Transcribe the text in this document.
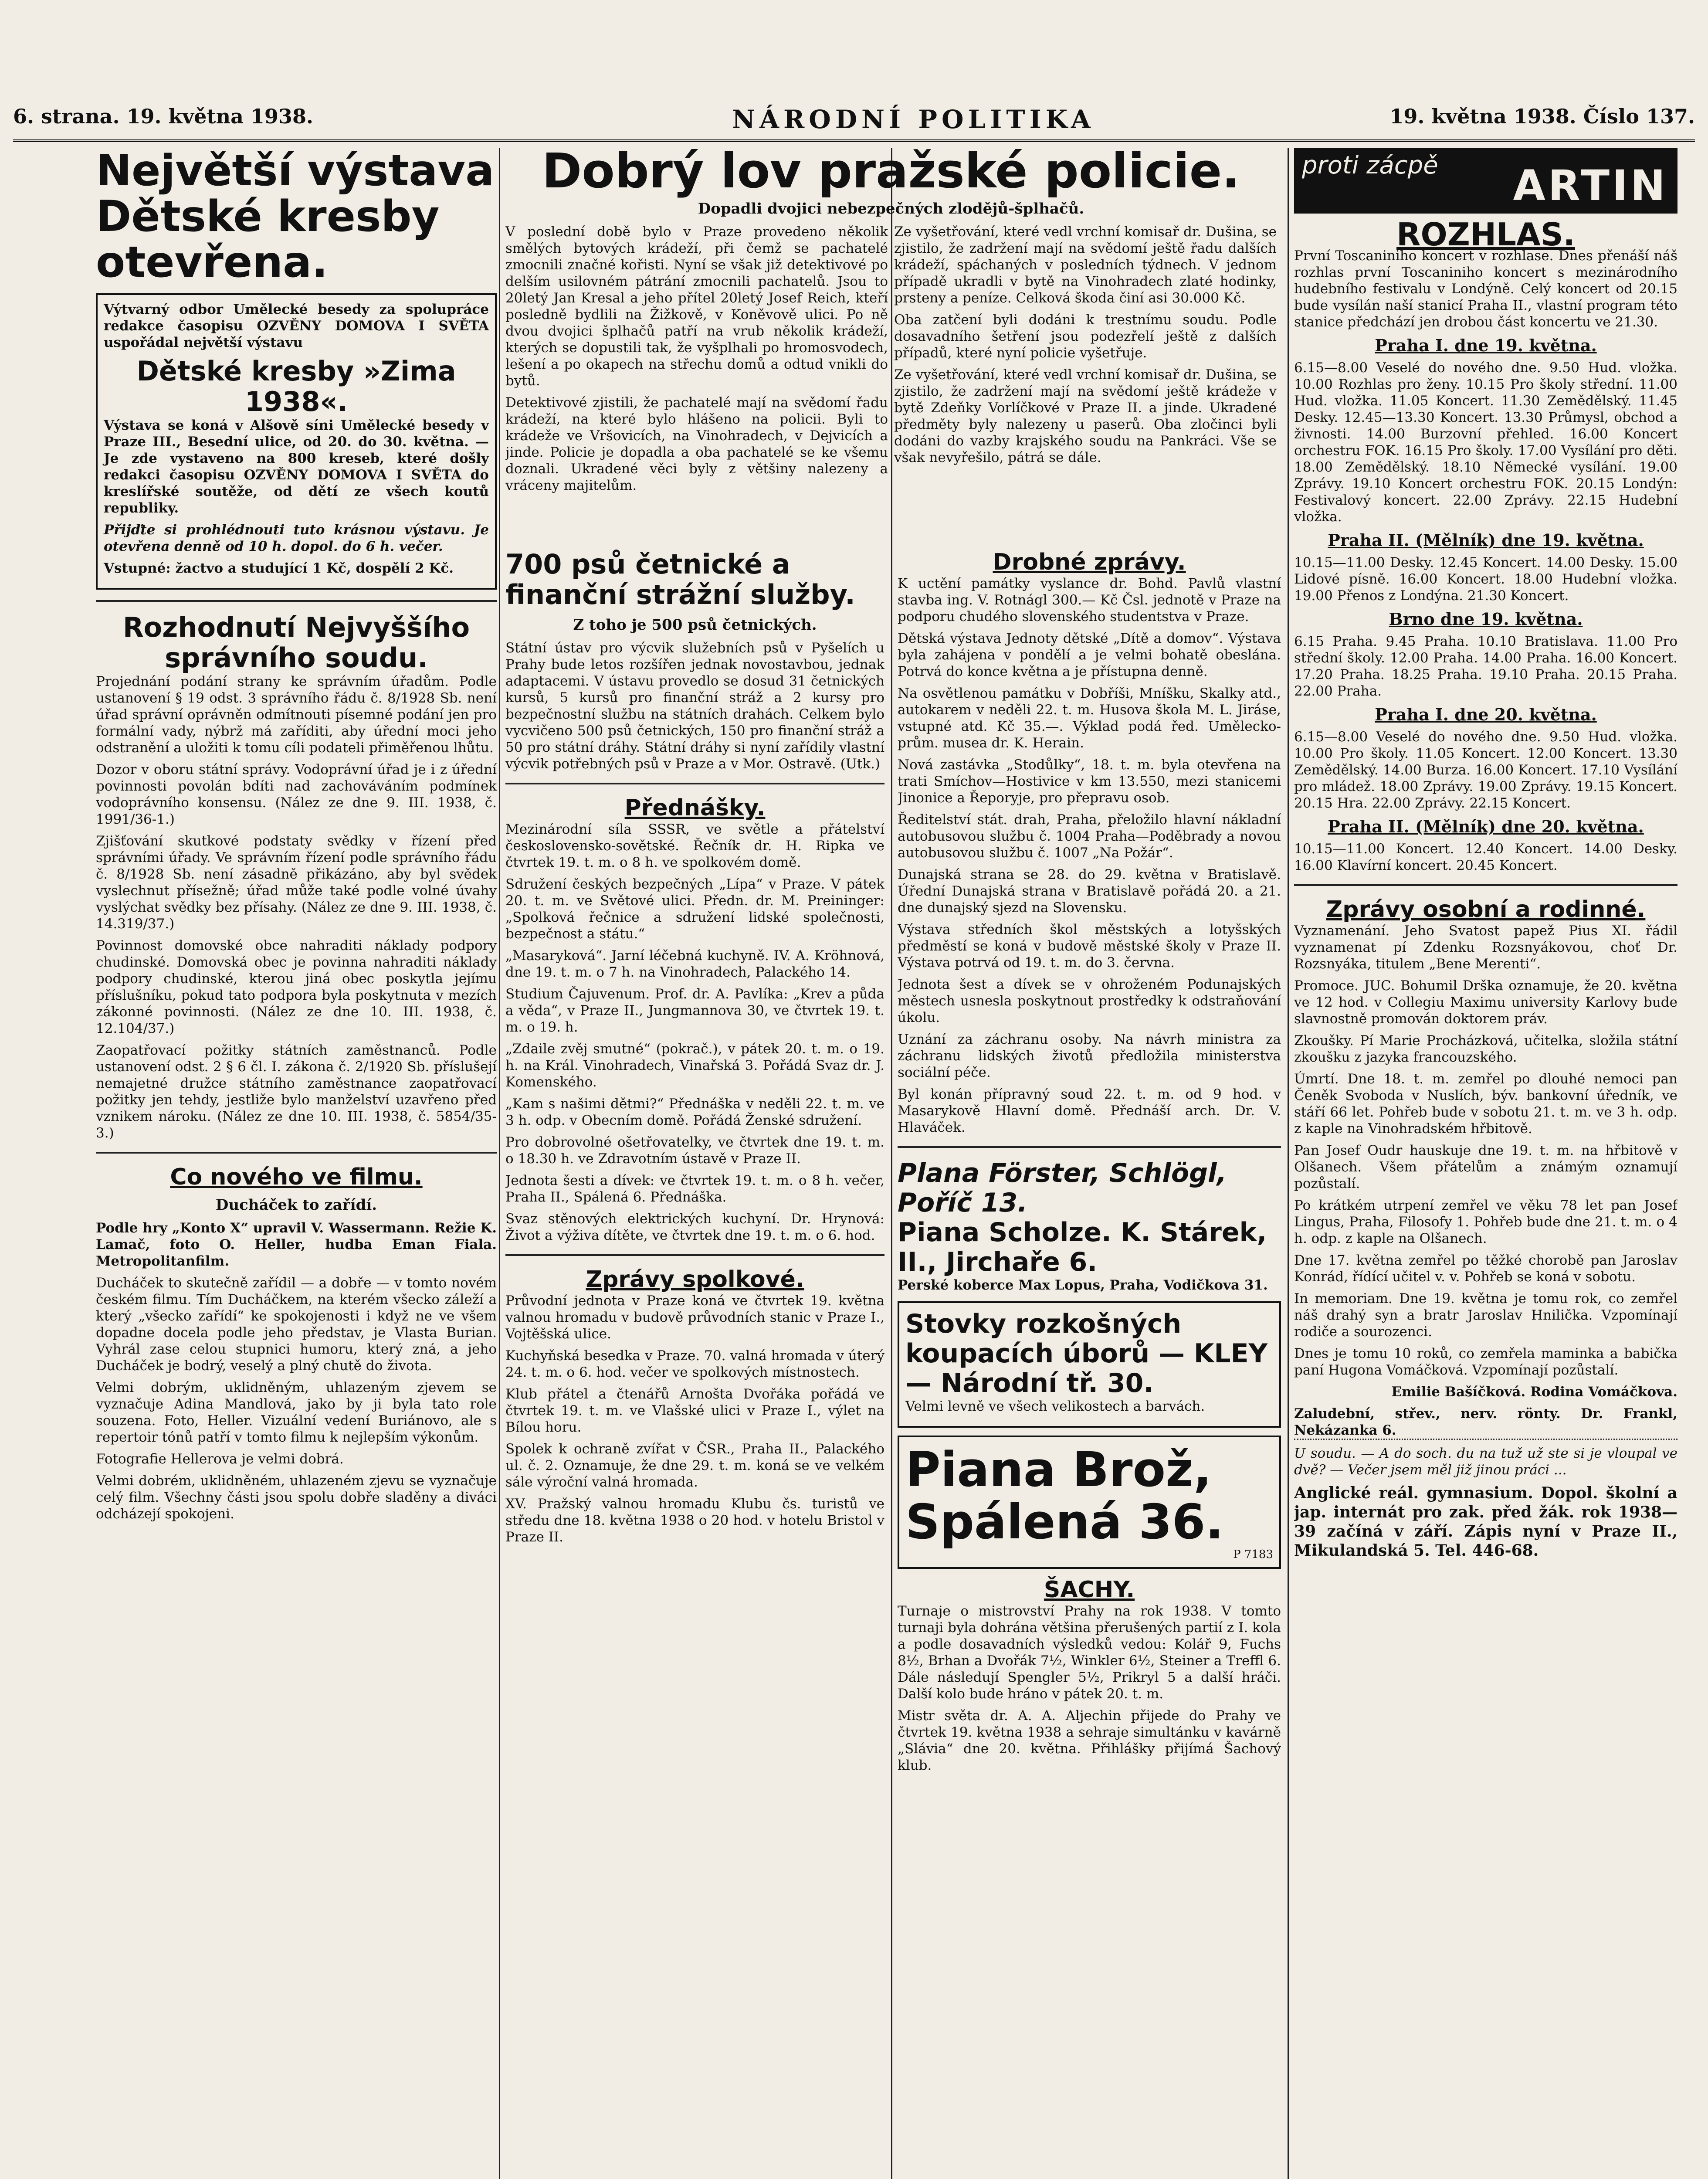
6. strana. 19. května 1938.	NÁRODNÍ POLITIKA	19. května 1938. Číslo 137.
Největší výstava Dětské kresby otevřena.

Výtvarný odbor Umělecké besedy za spolupráce redakce časopisu OZVĚNY DOMOVA I SVĚTA uspořádal největší výstavu

Dětské kresby »Zima 1938«.

Výstava se koná v Alšově síni Umělecké besedy v Praze III., Besední ulice, od 20. do 30. května. — Je zde vystaveno na 800 kreseb, které došly redakci časopisu OZVĚNY DOMOVA I SVĚTA do kreslířské soutěže, od dětí ze všech koutů republiky.

Přijďte si prohlédnouti tuto krásnou výstavu. Je otevřena denně od 10 h. dopol. do 6 h. večer.

Vstupné: žactvo a studující 1 Kč, dospělí 2 Kč.

Rozhodnutí Nejvyššího správního soudu.

Projednání podání strany ke správním úřadům. Podle ustanovení § 19 odst. 3 správního řádu č. 8/1928 Sb. není úřad správní oprávněn odmítnouti písemné podání jen pro formální vady, nýbrž má zaříditi, aby úřední moci jeho odstranění a uložiti k tomu cíli podateli přiměřenou lhůtu.

Dozor v oboru státní správy. Vodoprávní úřad je i z úřední povinnosti povolán bdíti nad zachováváním podmínek vodoprávního konsensu. (Nález ze dne 9. III. 1938, č. 1991/36-1.)

Zjišťování skutkové podstaty svědky v řízení před správními úřady. Ve správním řízení podle správního řádu č. 8/1928 Sb. není zásadně přikázáno, aby byl svědek vyslechnut přísežně; úřad může také podle volné úvahy vyslýchat svědky bez přísahy. (Nález ze dne 9. III. 1938, č. 14.319/37.)

Povinnost domovské obce nahraditi náklady podpory chudinské. Domovská obec je povinna nahraditi náklady podpory chudinské, kterou jiná obec poskytla jejímu příslušníku, pokud tato podpora byla poskytnuta v mezích zákonné povinnosti. (Nález ze dne 10. III. 1938, č. 12.104/37.)

Zaopatřovací požitky státních zaměstnanců. Podle ustanovení odst. 2 § 6 čl. I. zákona č. 2/1920 Sb. příslušejí nemajetné družce státního zaměstnance zaopatřovací požitky jen tehdy, jestliže bylo manželství uzavřeno před vznikem nároku. (Nález ze dne 10. III. 1938, č. 5854/35-3.)

Co nového ve filmu.
Ducháček to zařídí.

Podle hry „Konto X“ upravil V. Wassermann. Režie K. Lamač, foto O. Heller, hudba Eman Fiala. Metropolitanfilm.

Ducháček to skutečně zařídil — a dobře — v tomto novém českém filmu. Tím Ducháčkem, na kterém všecko záleží a který „všecko zařídí“ ke spokojenosti i když ne ve všem dopadne docela podle jeho představ, je Vlasta Burian. Vyhrál zase celou stupnici humoru, který zná, a jeho Ducháček je bodrý, veselý a plný chutě do života.

Velmi dobrým, uklidněným, uhlazeným zjevem se vyznačuje Adina Mandlová, jako by ji byla tato role souzena. Foto, Heller. Vizuální vedení Buriánovo, ale s repertoir tónů patří v tomto filmu k nejlepším výkonům.

Fotografie Hellerova je velmi dobrá.

Velmi dobrém, uklidněném, uhlazeném zjevu se vyznačuje celý film. Všechny části jsou spolu dobře sladěny a diváci odcházejí spokojeni.

Dobrý lov pražské policie.
Dopadli dvojici nebezpečných zlodějů-šplhačů.

V poslední době bylo v Praze provedeno několik smělých bytových krádeží, při čemž se pachatelé zmocnili značné kořisti. Nyní se však již detektivové po delším usilovném pátrání zmocnili pachatelů. Jsou to 20letý Jan Kresal a jeho přítel 20letý Josef Reich, kteří posledně bydlili na Žižkově, v Koněvově ulici. Po ně dvou dvojici šplhačů patří na vrub několik krádeží, kterých se dopustili tak, že vyšplhali po hromosvodech, lešení a po okapech na střechu domů a odtud vnikli do bytů.

Detektivové zjistili, že pachatelé mají na svědomí řadu krádeží, na které bylo hlášeno na policii. Byli to krádeže ve Vršovicích, na Vinohradech, v Dejvicích a jinde. Policie je dopadla a oba pachatelé se ke všemu doznali. Ukradené věci byly z většiny nalezeny a vráceny majitelům.

Ze vyšetřování, které vedl vrchní komisař dr. Dušina, se zjistilo, že zadržení mají na svědomí ještě řadu dalších krádeží, spáchaných v posledních týdnech. V jednom případě ukradli v bytě na Vinohradech zlaté hodinky, prsteny a peníze. Celková škoda činí asi 30.000 Kč.

Oba zatčení byli dodáni k trestnímu soudu. Podle dosavadního šetření jsou podezřelí ještě z dalších případů, které nyní policie vyšetřuje.

Ze vyšetřování, které vedl vrchní komisař dr. Dušina, se zjistilo, že zadržení mají na svědomí ještě krádeže v bytě Zdeňky Vorlíčkové v Praze II. a jinde. Ukradené předměty byly nalezeny u paserů. Oba zločinci byli dodáni do vazby krajského soudu na Pankráci. Vše se však nevyřešilo, pátrá se dále.

700 psů četnické a finanční strážní služby.
Z toho je 500 psů četnických.

Státní ústav pro výcvik služebních psů v Pyšelích u Prahy bude letos rozšířen jednak novostavbou, jednak adaptacemi. V ústavu provedlo se dosud 31 četnických kursů, 5 kursů pro finanční stráž a 2 kursy pro bezpečnostní službu na státních drahách. Celkem bylo vycvičeno 500 psů četnických, 150 pro finanční stráž a 50 pro státní dráhy. Státní dráhy si nyní zařídily vlastní výcvik potřebných psů v Praze a v Mor. Ostravě. (Utk.)

Přednášky.

Mezinárodní síla SSSR, ve světle a přátelství československo-sovětské. Řečník dr. H. Ripka ve čtvrtek 19. t. m. o 8 h. ve spolkovém domě.

Sdružení českých bezpečných „Lípa“ v Praze. V pátek 20. t. m. ve Světové ulici. Předn. dr. M. Preininger: „Spolková řečnice a sdružení lidské společnosti, bezpečnost a státu.“

„Masaryková“. Jarní léčebná kuchyně. IV. A. Kröhnová, dne 19. t. m. o 7 h. na Vinohradech, Palackého 14.

Studium Čajuvenum. Prof. dr. A. Pavlíka: „Krev a půda a věda“, v Praze II., Jungmannova 30, ve čtvrtek 19. t. m. o 19. h.

„Zdaile zvěj smutné“ (pokrač.), v pátek 20. t. m. o 19. h. na Král. Vinohradech, Vinařská 3. Pořádá Svaz dr. J. Komenského.

„Kam s našimi dětmi?“ Přednáška v neděli 22. t. m. ve 3 h. odp. v Obecním domě. Pořádá Ženské sdružení.

Pro dobrovolné ošetřovatelky, ve čtvrtek dne 19. t. m. o 18.30 h. ve Zdravotním ústavě v Praze II.

Jednota šesti a dívek: ve čtvrtek 19. t. m. o 8 h. večer, Praha II., Spálená 6. Přednáška.

Svaz stěnových elektrických kuchyní. Dr. Hrynová: Život a výživa dítěte, ve čtvrtek dne 19. t. m. o 6. hod.

Zprávy spolkové.

Průvodní jednota v Praze koná ve čtvrtek 19. května valnou hromadu v budově průvodních stanic v Praze I., Vojtěšská ulice.

Kuchyňská besedka v Praze. 70. valná hromada v úterý 24. t. m. o 6. hod. večer ve spolkových místnostech.

Klub přátel a čtenářů Arnošta Dvořáka pořádá ve čtvrtek 19. t. m. ve Vlašské ulici v Praze I., výlet na Bílou horu.

Spolek k ochraně zvířat v ČSR., Praha II., Palackého ul. č. 2. Oznamuje, že dne 29. t. m. koná se ve velkém sále výroční valná hromada.

XV. Pražský valnou hromadu Klubu čs. turistů ve středu dne 18. května 1938 o 20 hod. v hotelu Bristol v Praze II.

Drobné zprávy.

K uctění památky vyslance dr. Bohd. Pavlů vlastní stavba ing. V. Rotnágl 300.— Kč Čsl. jednotě v Praze na podporu chudého slovenského studentstva v Praze.

Dětská výstava Jednoty dětské „Dítě a domov“. Výstava byla zahájena v pondělí a je velmi bohatě obeslána. Potrvá do konce května a je přístupna denně.

Na osvětlenou památku v Dobříši, Mníšku, Skalky atd., autokarem v neděli 22. t. m. Husova škola M. L. Jiráse, vstupné atd. Kč 35.—. Výklad podá řed. Umělecko-prům. musea dr. K. Herain.

Nová zastávka „Stodůlky“, 18. t. m. byla otevřena na trati Smíchov—Hostivice v km 13.550, mezi stanicemi Jinonice a Řeporyje, pro přepravu osob.

Ředitelství stát. drah, Praha, přeložilo hlavní nákladní autobusovou službu č. 1004 Praha—Poděbrady a novou autobusovou službu č. 1007 „Na Požár“.

Dunajská strana se 28. do 29. května v Bratislavě. Úřední Dunajská strana v Bratislavě pořádá 20. a 21. dne dunajský sjezd na Slovensku.

Výstava středních škol městských a lotyšských předměstí se koná v budově městské školy v Praze II. Výstava potrvá od 19. t. m. do 3. června.

Jednota šest a dívek se v ohroženém Podunajských městech usnesla poskytnout prostředky k odstraňování úkolu.

Uznání za záchranu osoby. Na návrh ministra za záchranu lidských životů předložila ministerstva sociální péče.

Byl konán přípravný soud 22. t. m. od 9 hod. v Masarykově Hlavní domě. Přednáší arch. Dr. V. Hlaváček.

Plana Förster, Schlögl, Poříč 13.
Piana Scholze. K. Stárek, II., Jirchaře 6.

Perské koberce Max Lopus, Praha, Vodičkova 31.

Stovky rozkošných koupacích úborů — KLEY — Národní tř. 30.

Velmi levně ve všech velikostech a barvách.

Piana Brož, Spálená 36.
P 7183
ŠACHY.

Turnaje o mistrovství Prahy na rok 1938. V tomto turnaji byla dohrána většina přerušených partií z I. kola a podle dosavadních výsledků vedou: Kolář 9, Fuchs 8½, Brhan a Dvořák 7½, Winkler 6½, Steiner a Treffl 6. Dále následují Spengler 5½, Prikryl 5 a další hráči. Další kolo bude hráno v pátek 20. t. m.

Mistr světa dr. A. A. Aljechin přijede do Prahy ve čtvrtek 19. května 1938 a sehraje simultánku v kavárně „Slávia“ dne 20. května. Přihlášky přijímá Šachový klub.

proti zácpě ARTIN
ROZHLAS.

První Toscaniniho koncert v rozhlase. Dnes přenáší náš rozhlas první Toscaniniho koncert s mezinárodního hudebního festivalu v Londýně. Celý koncert od 20.15 bude vysílán naší stanicí Praha II., vlastní program této stanice předchází jen drobou část koncertu ve 21.30.

Praha I. dne 19. května.

6.15—8.00 Veselé do nového dne. 9.50 Hud. vložka. 10.00 Rozhlas pro ženy. 10.15 Pro školy střední. 11.00 Hud. vložka. 11.05 Koncert. 11.30 Zemědělský. 11.45 Desky. 12.45—13.30 Koncert. 13.30 Průmysl, obchod a živnosti. 14.00 Burzovní přehled. 16.00 Koncert orchestru FOK. 16.15 Pro školy. 17.00 Vysílání pro děti. 18.00 Zemědělský. 18.10 Německé vysílání. 19.00 Zprávy. 19.10 Koncert orchestru FOK. 20.15 Londýn: Festivalový koncert. 22.00 Zprávy. 22.15 Hudební vložka.

Praha II. (Mělník) dne 19. května.

10.15—11.00 Desky. 12.45 Koncert. 14.00 Desky. 15.00 Lidové písně. 16.00 Koncert. 18.00 Hudební vložka. 19.00 Přenos z Londýna. 21.30 Koncert.

Brno dne 19. května.

6.15 Praha. 9.45 Praha. 10.10 Bratislava. 11.00 Pro střední školy. 12.00 Praha. 14.00 Praha. 16.00 Koncert. 17.20 Praha. 18.25 Praha. 19.10 Praha. 20.15 Praha. 22.00 Praha.

Praha I. dne 20. května.

6.15—8.00 Veselé do nového dne. 9.50 Hud. vložka. 10.00 Pro školy. 11.05 Koncert. 12.00 Koncert. 13.30 Zemědělský. 14.00 Burza. 16.00 Koncert. 17.10 Vysílání pro mládež. 18.00 Zprávy. 19.00 Zprávy. 19.15 Koncert. 20.15 Hra. 22.00 Zprávy. 22.15 Koncert.

Praha II. (Mělník) dne 20. května.

10.15—11.00 Koncert. 12.40 Koncert. 14.00 Desky. 16.00 Klavírní koncert. 20.45 Koncert.

Zprávy osobní a rodinné.

Vyznamenání. Jeho Svatost papež Pius XI. řádil vyznamenat pí Zdenku Rozsnyákovou, choť Dr. Rozsnyáka, titulem „Bene Merenti“.

Promoce. JUC. Bohumil Drška oznamuje, že 20. května ve 12 hod. v Collegiu Maximu university Karlovy bude slavnostně promován doktorem práv.

Zkoušky. Pí Marie Procházková, učitelka, složila státní zkoušku z jazyka francouzského.

Úmrtí. Dne 18. t. m. zemřel po dlouhé nemoci pan Čeněk Svoboda v Nuslích, býv. bankovní úředník, ve stáří 66 let. Pohřeb bude v sobotu 21. t. m. ve 3 h. odp. z kaple na Vinohradském hřbitově.

Pan Josef Oudr hauskuje dne 19. t. m. na hřbitově v Olšanech. Všem přátelům a známým oznamují pozůstalí.

Po krátkém utrpení zemřel ve věku 78 let pan Josef Lingus, Praha, Filosofy 1. Pohřeb bude dne 21. t. m. o 4 h. odp. z kaple na Olšanech.

Dne 17. května zemřel po těžké chorobě pan Jaroslav Konrád, řídící učitel v. v. Pohřeb se koná v sobotu.

In memoriam. Dne 19. května je tomu rok, co zemřel náš drahý syn a bratr Jaroslav Hnilička. Vzpomínají rodiče a sourozenci.

Dnes je tomu 10 roků, co zemřela maminka a babička paní Hugona Vomáčková. Vzpomínají pozůstalí.

Emilie Bašíčková. Rodina Vomáčkova.

Zaludební, střev., nerv. rönty. Dr. Frankl, Nekázanka 6.

U soudu. — A do soch. du na tuž už ste si je vloupal ve dvě? — Večer jsem měl již jinou práci ...

Anglické reál. gymnasium. Dopol. školní a jap. internát pro zak. před žák. rok 1938—39 začíná v září. Zápis nyní v Praze II., Mikulandská 5. Tel. 446-68.
